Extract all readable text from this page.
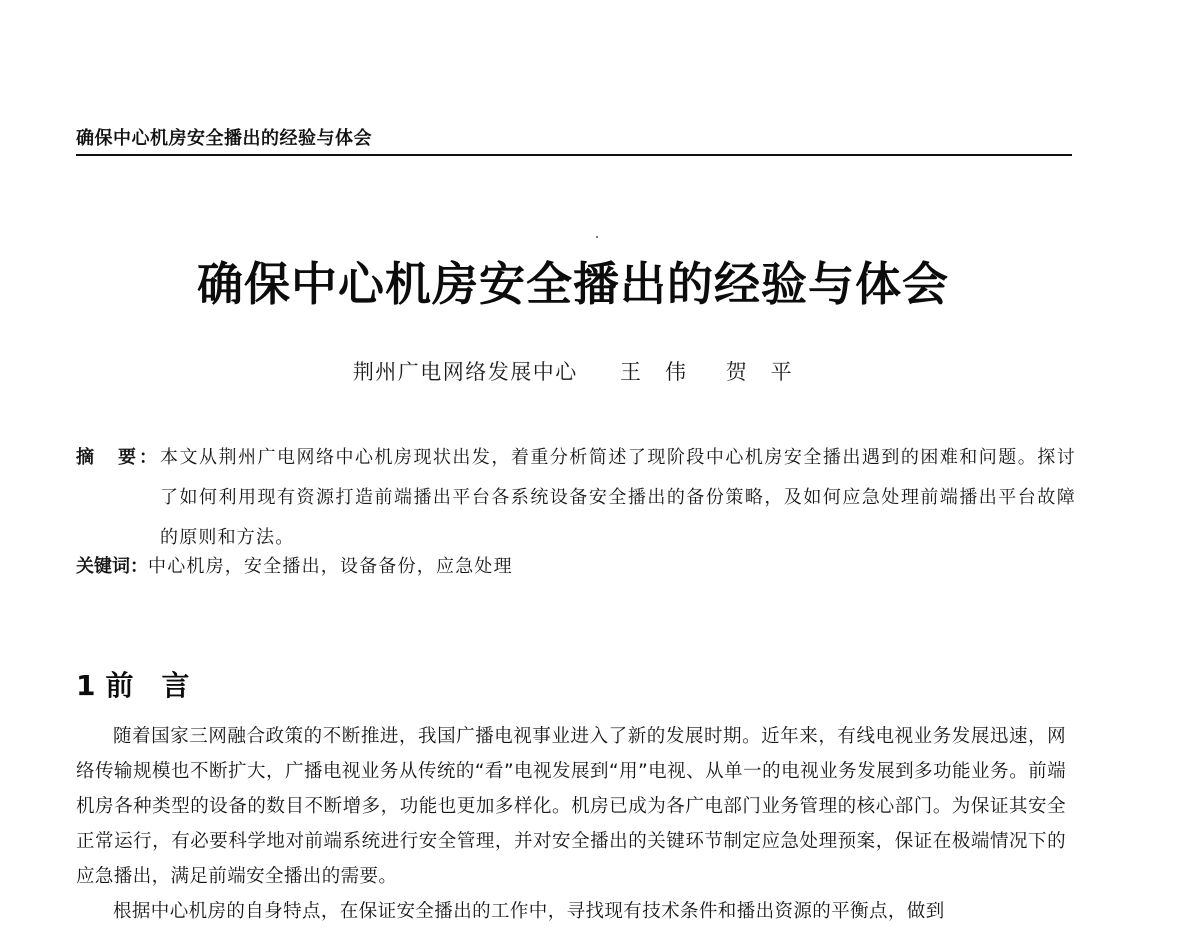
确保中心机房安全播出的经验与体会
确保中心机房安全播出的经验与体会
荆州广电网络发展中心 王　伟 贺　平
摘　要： 本文从荆州广电网络中心机房现状出发，着重分析简述了现阶段中心机房安全播出遇到的困难和问题。探讨了如何利用现有资源打造前端播出平台各系统设备安全播出的备份策略，及如何应急处理前端播出平台故障的原则和方法。
关键词：中心机房，安全播出，设备备份，应急处理
1 前 言

随着国家三网融合政策的不断推进，我国广播电视事业进入了新的发展时期。近年来，有线电视业务发展迅速，网络传输规模也不断扩大，广播电视业务从传统的“看”电视发展到“用”电视、从单一的电视业务发展到多功能业务。前端机房各种类型的设备的数目不断增多，功能也更加多样化。机房已成为各广电部门业务管理的核心部门。为保证其安全正常运行，有必要科学地对前端系统进行安全管理，并对安全播出的关键环节制定应急处理预案，保证在极端情况下的应急播出，满足前端安全播出的需要。

根据中心机房的自身特点，在保证安全播出的工作中，寻找现有技术条件和播出资源的平衡点，做到
